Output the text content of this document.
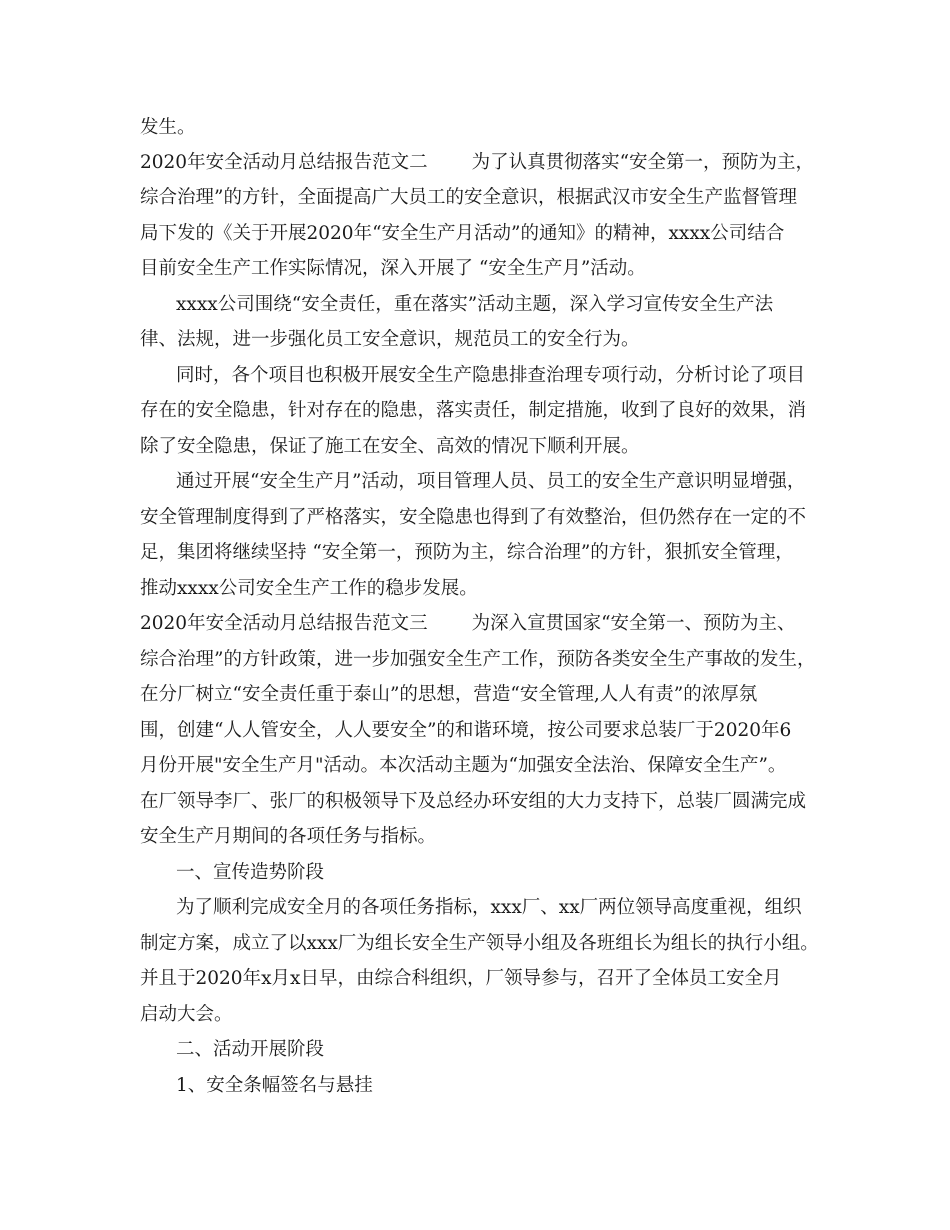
发生。

2020年安全活动月总结报告范文二 为了认真贯彻落实“安全第一，预防为主，

综合治理”的方针，全面提高广大员工的安全意识，根据武汉市安全生产监督管理

局下发的《关于开展2020年“安全生产月活动”的通知》的精神，xxxx公司结合

目前安全生产工作实际情况，深入开展了 “安全生产月”活动。

xxxx公司围绕“安全责任，重在落实”活动主题，深入学习宣传安全生产法

律、法规，进一步强化员工安全意识，规范员工的安全行为。

同时，各个项目也积极开展安全生产隐患排查治理专项行动，分析讨论了项目

存在的安全隐患，针对存在的隐患，落实责任，制定措施，收到了良好的效果，消

除了安全隐患，保证了施工在安全、高效的情况下顺利开展。

通过开展“安全生产月”活动，项目管理人员、员工的安全生产意识明显增强，

安全管理制度得到了严格落实，安全隐患也得到了有效整治，但仍然存在一定的不

足，集团将继续坚持 “安全第一，预防为主，综合治理”的方针，狠抓安全管理，

推动xxxx公司安全生产工作的稳步发展。

2020年安全活动月总结报告范文三 为深入宣贯国家“安全第一、预防为主、

综合治理”的方针政策，进一步加强安全生产工作，预防各类安全生产事故的发生，

在分厂树立“安全责任重于泰山”的思想，营造“安全管理,人人有责”的浓厚氛

围，创建“人人管安全，人人要安全”的和谐环境，按公司要求总装厂于2020年6

月份开展"安全生产月"活动。本次活动主题为“加强安全法治、保障安全生产”。

在厂领导李厂、张厂的积极领导下及总经办环安组的大力支持下，总装厂圆满完成

安全生产月期间的各项任务与指标。

一、宣传造势阶段

为了顺利完成安全月的各项任务指标，xxx厂、xx厂两位领导高度重视，组织

制定方案，成立了以xxx厂为组长安全生产领导小组及各班组长为组长的执行小组。

并且于2020年x月x日早，由综合科组织，厂领导参与，召开了全体员工安全月

启动大会。

二、活动开展阶段

1、安全条幅签名与悬挂
